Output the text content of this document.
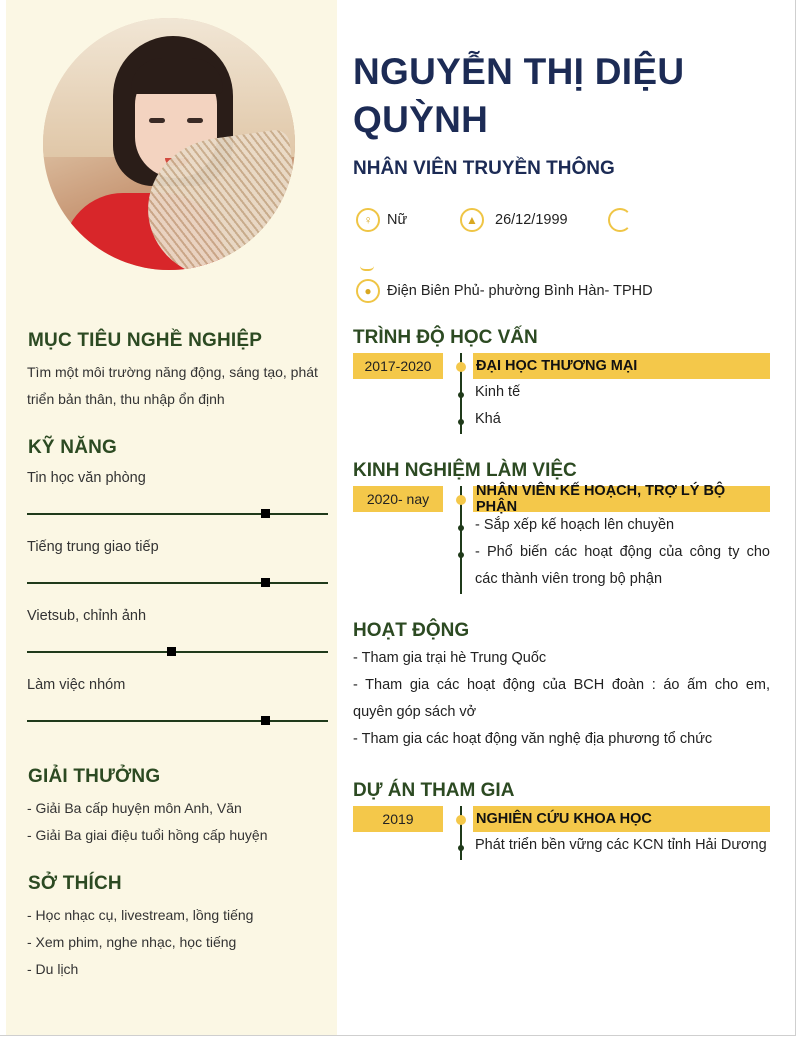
MỤC TIÊU NGHỀ NGHIỆP
Tìm một môi trường năng động, sáng tạo, phát
triển bản thân, thu nhập ổn định
KỸ NĂNG
Tin học văn phòng
Tiếng trung giao tiếp
Vietsub, chỉnh ảnh
Làm việc nhóm
GIẢI THƯỞNG
- Giải Ba cấp huyện môn Anh, Văn
- Giải Ba giai điệu tuổi hồng cấp huyện
SỞ THÍCH
- Học nhạc cụ, livestream, lồng tiếng
- Xem phim, nghe nhạc, học tiếng
- Du lịch
NGUYỄN THỊ DIỆU
QUỲNH
NHÂN VIÊN TRUYỀN THÔNG
♀	Nữ	▲	26/12/1999
●	Điện Biên Phủ- phường Bình Hàn- TPHD
TRÌNH ĐỘ HỌC VẤN
2017-2020	ĐẠI HỌC THƯƠNG MẠI
Kinh tế
Khá
KINH NGHIỆM LÀM VIỆC
2020- nay	NHÂN VIÊN KẾ HOẠCH, TRỢ LÝ BỘ PHẬN
- Sắp xếp kế hoạch lên chuyền
- Phổ biến các hoạt động của công ty cho
các thành viên trong bộ phận
HOẠT ĐỘNG
- Tham gia trại hè Trung Quốc
- Tham gia các hoạt động của BCH đoàn : áo ấm cho em,
quyên góp sách vở
- Tham gia các hoạt động văn nghệ địa phương tổ chức
DỰ ÁN THAM GIA
2019	NGHIÊN CỨU KHOA HỌC
Phát triển bền vững các KCN tỉnh Hải Dương
